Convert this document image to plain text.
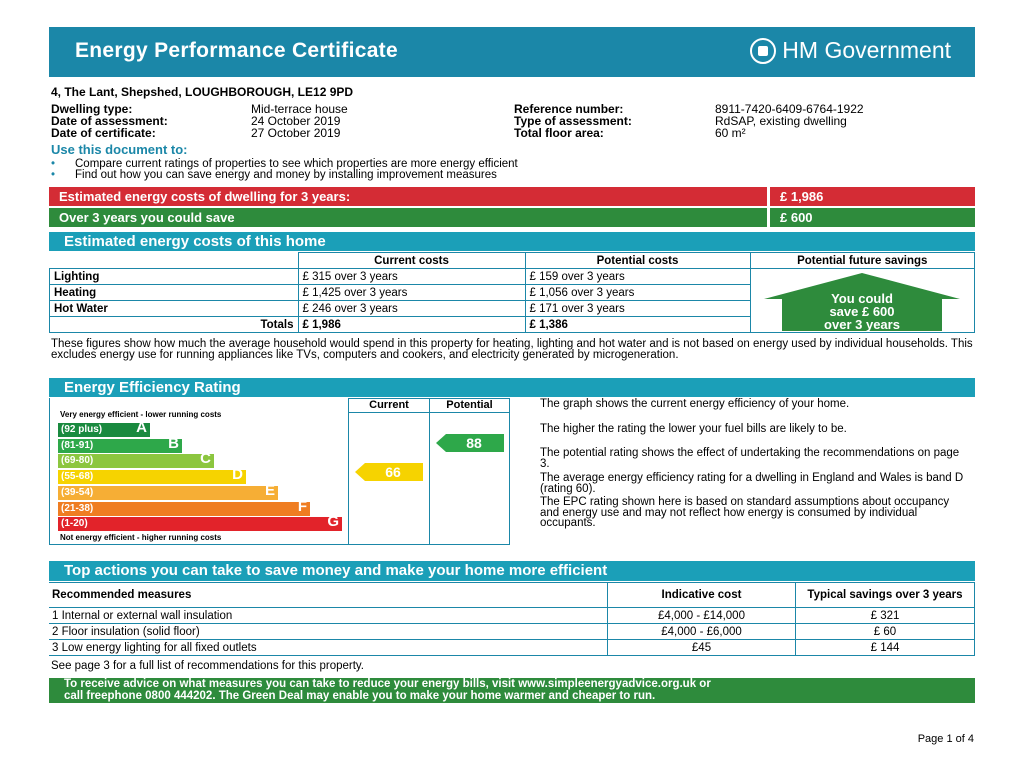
Energy Performance Certificate	HM Government
4, The Lant, Shepshed, LOUGHBOROUGH, LE12 9PD
Dwelling type:	Mid-terrace house
Date of assessment:	24 October 2019
Date of certificate:	27 October 2019
Reference number:	8911-7420-6409-6764-1922
Type of assessment:	RdSAP, existing dwelling
Total floor area:	60 m²
Use this document to:
• Compare current ratings of properties to see which properties are more energy efficient
• Find out how you can save energy and money by installing improvement measures
Estimated energy costs of dwelling for 3 years:	£ 1,986
Over 3 years you could save	£ 600
Estimated energy costs of this home
	Current costs	Potential costs	Potential future savings
Lighting	£ 315 over 3 years	£ 159 over 3 years	You could
save £ 600
over 3 years

Heating	£ 1,425 over 3 years	£ 1,056 over 3 years	
Hot Water	£ 246 over 3 years	£ 171 over 3 years	
Totals	£ 1,986	£ 1,386	
These figures show how much the average household would spend in this property for heating, lighting and hot water and is not based on energy used by individual households. This excludes energy use for running appliances like TVs, computers and cookers, and electricity generated by microgeneration.
Energy Efficiency Rating
Very energy efficient - lower running costs
(92 plus) A
(81-91)	B
(69-80)	C
(55-68)	D
(39-54)	E
(21-38)	F
(1-20)	G
Not energy efficient - higher running costs
Current	Potential
66
88
The graph shows the current energy efficiency of your home.
The higher the rating the lower your fuel bills are likely to be.
The potential rating shows the effect of undertaking the recommendations on page 3.
The average energy efficiency rating for a dwelling in England and Wales is band D (rating 60).
The EPC rating shown here is based on standard assumptions about occupancy and energy use and may not reflect how energy is consumed by individual occupants.
Top actions you can take to save money and make your home more efficient
Recommended measures	Indicative cost	Typical savings over 3 years
1 Internal or external wall insulation	£4,000 - £14,000	£ 321
2 Floor insulation (solid floor)	£4,000 - £6,000	£ 60
3 Low energy lighting for all fixed outlets	£45	£ 144
See page 3 for a full list of recommendations for this property.
To receive advice on what measures you can take to reduce your energy bills, visit www.simpleenergyadvice.org.uk or
call freephone 0800 444202. The Green Deal may enable you to make your home warmer and cheaper to run.
Page 1 of 4
